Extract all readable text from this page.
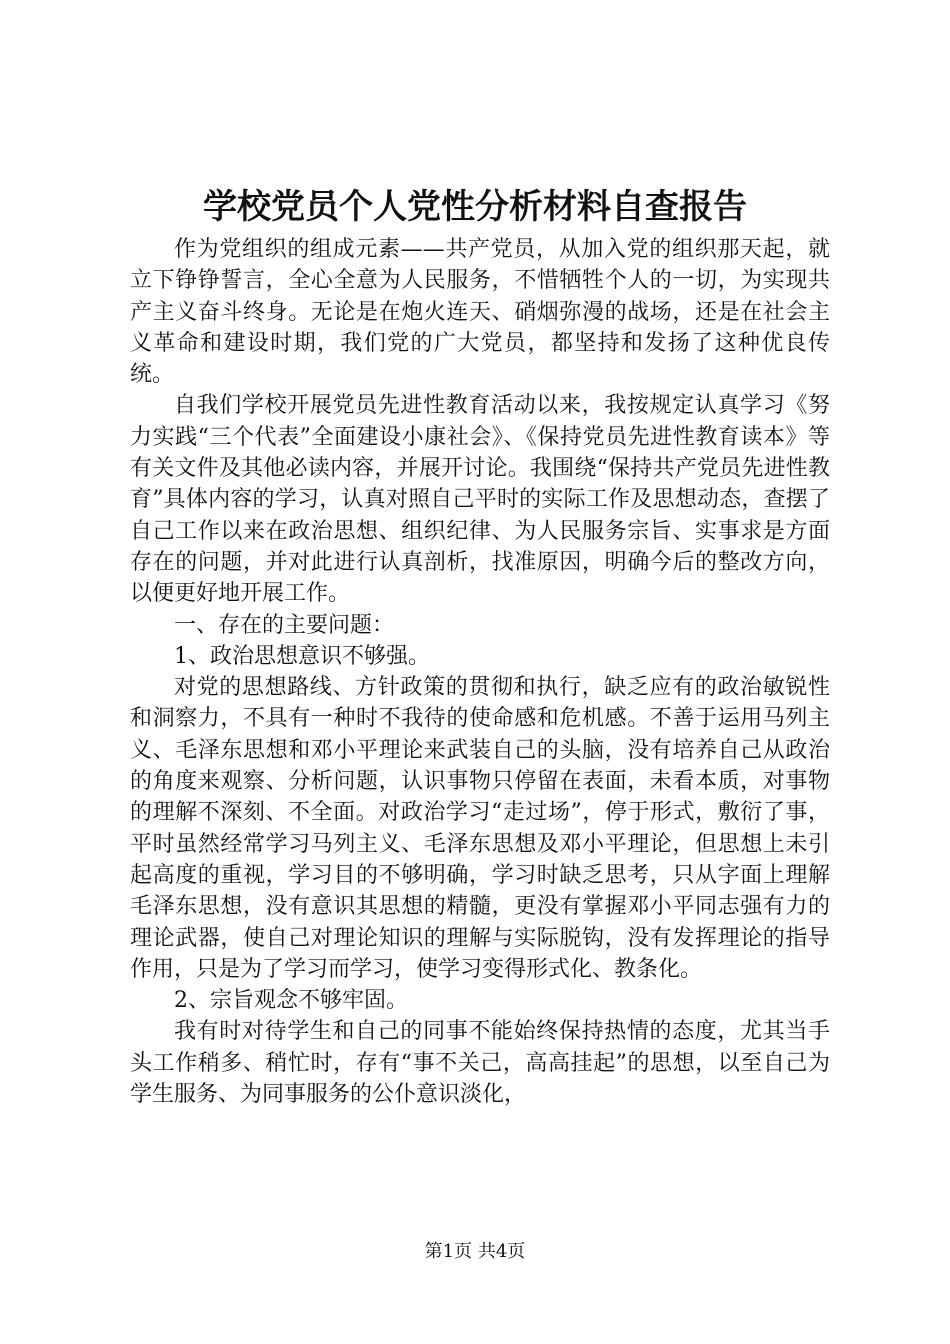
学校党员个人党性分析材料自查报告

作为党组织的组成元素——共产党员，从加入党的组织那天起，就立下铮铮誓言，全心全意为人民服务，不惜牺牲个人的一切，为实现共产主义奋斗终身。无论是在炮火连天、硝烟弥漫的战场，还是在社会主义革命和建设时期，我们党的广大党员，都坚持和发扬了这种优良传统。

自我们学校开展党员先进性教育活动以来，我按规定认真学习《努力实践“三个代表”全面建设小康社会》、《保持党员先进性教育读本》等有关文件及其他必读内容，并展开讨论。我围绕“保持共产党员先进性教育”具体内容的学习，认真对照自己平时的实际工作及思想动态，查摆了自己工作以来在政治思想、组织纪律、为人民服务宗旨、实事求是方面存在的问题，并对此进行认真剖析，找准原因，明确今后的整改方向，以便更好地开展工作。

一、存在的主要问题：

1、政治思想意识不够强。

对党的思想路线、方针政策的贯彻和执行，缺乏应有的政治敏锐性和洞察力，不具有一种时不我待的使命感和危机感。不善于运用马列主义、毛泽东思想和邓小平理论来武装自己的头脑，没有培养自己从政治的角度来观察、分析问题，认识事物只停留在表面，未看本质，对事物的理解不深刻、不全面。对政治学习“走过场”，停于形式，敷衍了事，平时虽然经常学习马列主义、毛泽东思想及邓小平理论，但思想上未引起高度的重视，学习目的不够明确，学习时缺乏思考，只从字面上理解毛泽东思想，没有意识其思想的精髓，更没有掌握邓小平同志强有力的理论武器，使自己对理论知识的理解与实际脱钩，没有发挥理论的指导作用，只是为了学习而学习，使学习变得形式化、教条化。

2、宗旨观念不够牢固。

我有时对待学生和自己的同事不能始终保持热情的态度，尤其当手头工作稍多、稍忙时，存有“事不关己，高高挂起”的思想，以至自己为学生服务、为同事服务的公仆意识淡化，

第1页 共4页
